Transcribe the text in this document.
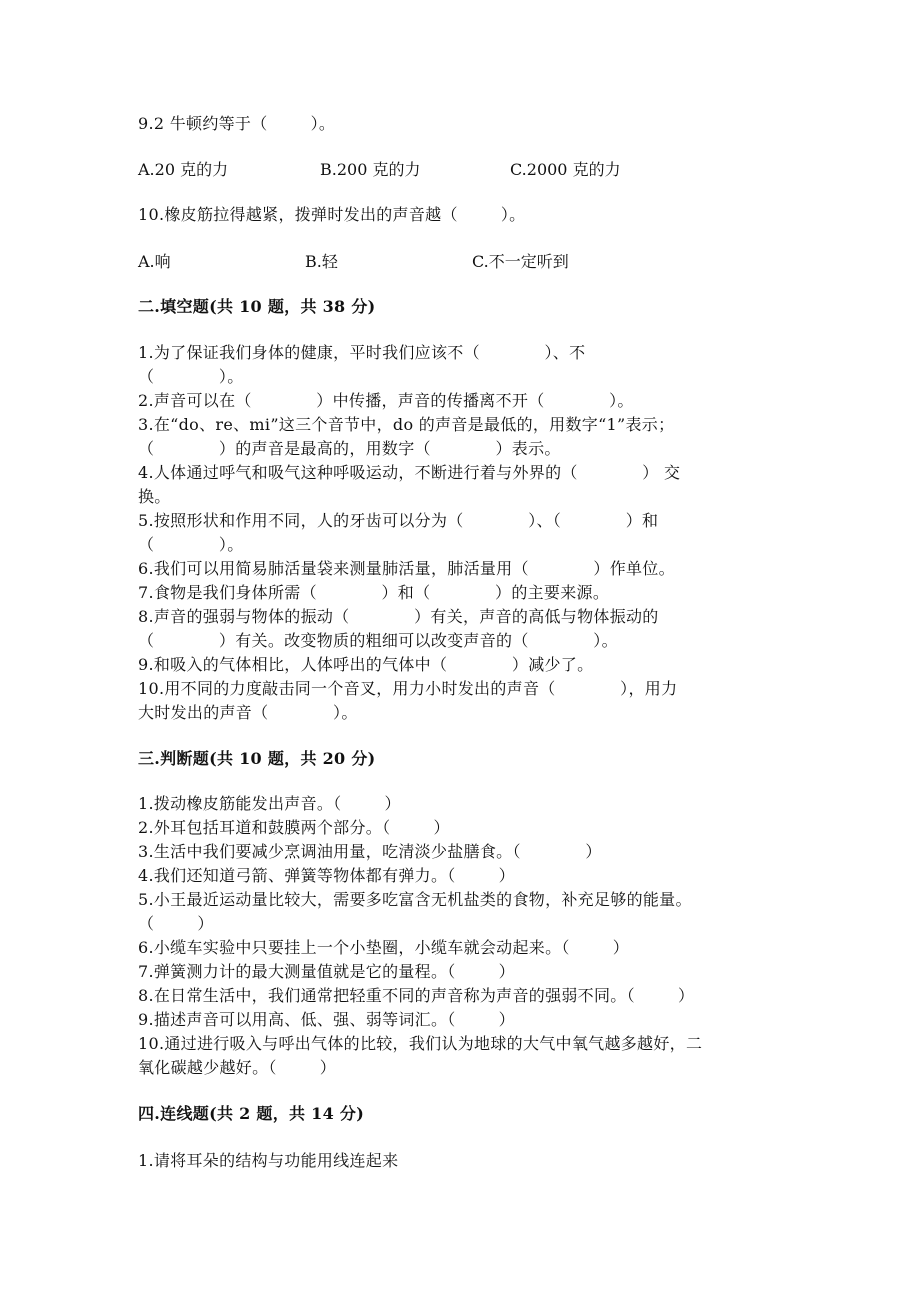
9.2 牛顿约等于（        ）。
A.20 克的力	B.200 克的力	C.2000 克的力
10.橡皮筋拉得越紧，拨弹时发出的声音越（        ）。
A.响	B.轻	C.不一定听到
二.填空题(共 10 题，共 38 分)
1.为了保证我们身体的健康，平时我们应该不（            ）、不
（            ）。
2.声音可以在（            ）中传播，声音的传播离不开（            ）。
3.在“do、re、mi”这三个音节中，do 的声音是最低的，用数字“1”表示；
（            ）的声音是最高的，用数字（            ）表示。
4.人体通过呼气和吸气这种呼吸运动，不断进行着与外界的（            ） 交
换。
5.按照形状和作用不同，人的牙齿可以分为（            ）、（            ）和
（            ）。
6.我们可以用简易肺活量袋来测量肺活量，肺活量用（            ）作单位。
7.食物是我们身体所需（            ）和（            ）的主要来源。
8.声音的强弱与物体的振动（            ）有关，声音的高低与物体振动的
（            ）有关。改变物质的粗细可以改变声音的（            ）。
9.和吸入的气体相比，人体呼出的气体中（            ）减少了。
10.用不同的力度敲击同一个音叉，用力小时发出的声音（            ），用力
大时发出的声音（            ）。
三.判断题(共 10 题，共 20 分)
1.拨动橡皮筋能发出声音。（        ）
2.外耳包括耳道和鼓膜两个部分。（        ）
3.生活中我们要减少烹调油用量，吃清淡少盐膳食。（            ）
4.我们还知道弓箭、弹簧等物体都有弹力。（        ）
5.小王最近运动量比较大，需要多吃富含无机盐类的食物，补充足够的能量。
（        ）
6.小缆车实验中只要挂上一个小垫圈，小缆车就会动起来。（        ）
7.弹簧测力计的最大测量值就是它的量程。（        ）
8.在日常生活中，我们通常把轻重不同的声音称为声音的强弱不同。（        ）
9.描述声音可以用高、低、强、弱等词汇。（        ）
10.通过进行吸入与呼出气体的比较，我们认为地球的大气中氧气越多越好，二
氧化碳越少越好。（        ）
四.连线题(共 2 题，共 14 分)
1.请将耳朵的结构与功能用线连起来
